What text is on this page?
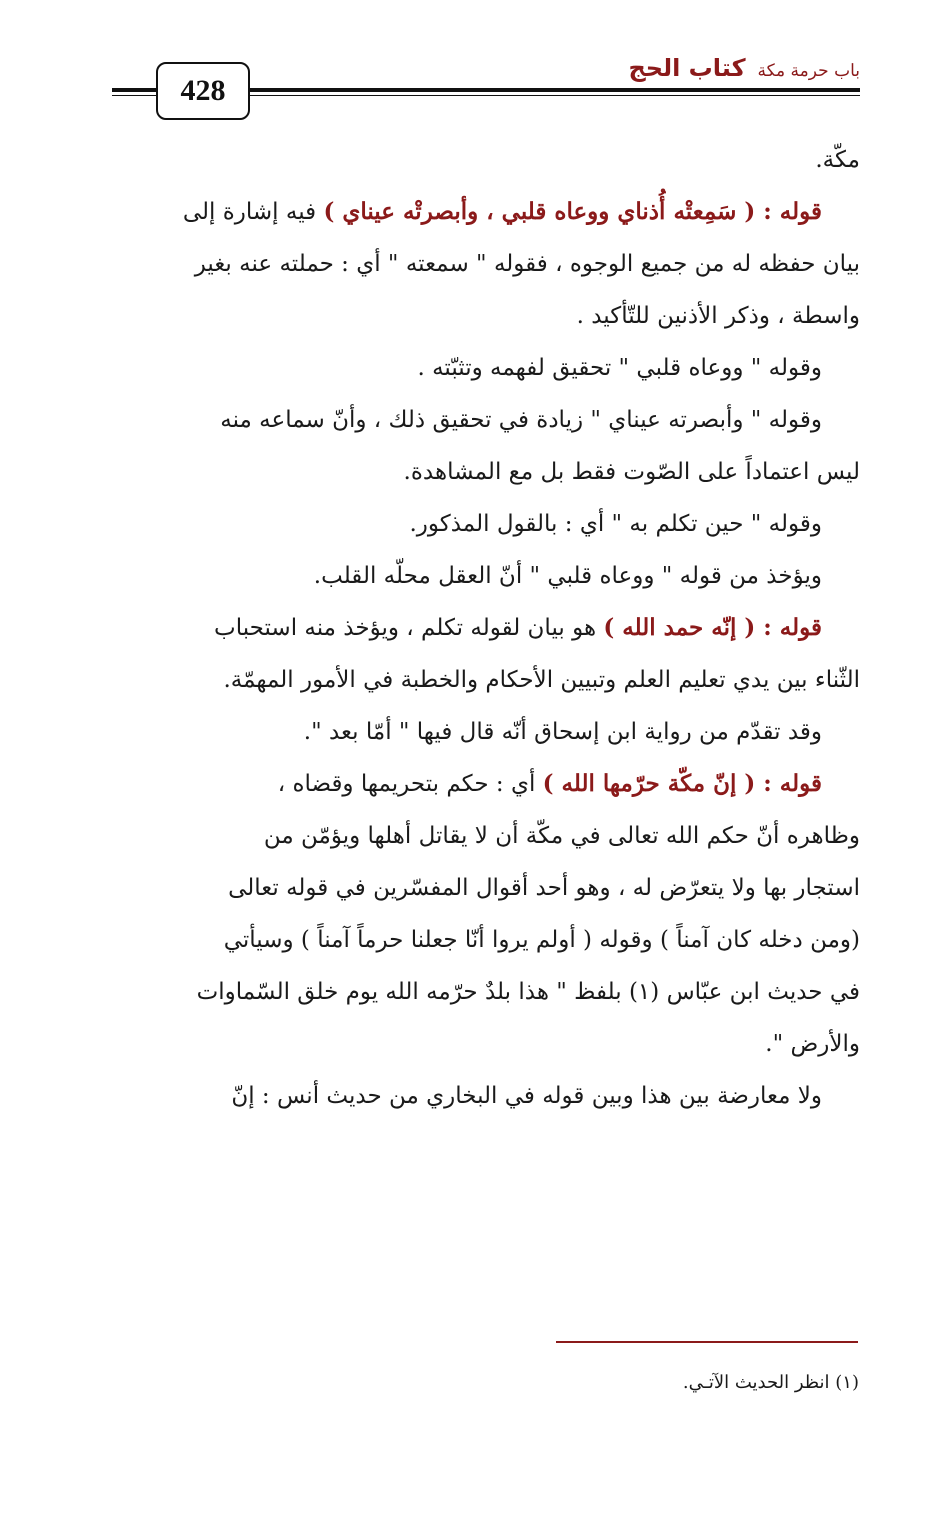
428
كتاب الحج باب حرمة مكة
مكّة.
قوله : ( سَمِعتْه أُذناي ووعاه قلبي ، وأبصرتْه عيناي ) فيه إشارة إلى
بيان حفظه له من جميع الوجوه ، فقوله " سمعته " أي : حملته عنه بغير
واسطة ، وذكر الأذنين للتّأكيد .
وقوله " ووعاه قلبي " تحقيق لفهمه وتثبّته .
وقوله " وأبصرته عيناي " زيادة في تحقيق ذلك ، وأنّ سماعه منه
ليس اعتماداً على الصّوت فقط بل مع المشاهدة.
وقوله " حين تكلم به " أي : بالقول المذكور.
ويؤخذ من قوله " ووعاه قلبي " أنّ العقل محلّه القلب.
قوله : ( إنّه حمد الله ) هو بيان لقوله تكلم ، ويؤخذ منه استحباب
الثّناء بين يدي تعليم العلم وتبيين الأحكام والخطبة في الأمور المهمّة.
وقد تقدّم من رواية ابن إسحاق أنّه قال فيها " أمّا بعد ".
قوله : ( إنّ مكّة حرّمها الله ) أي : حكم بتحريمها وقضاه ،
وظاهره أنّ حكم الله تعالى في مكّة أن لا يقاتل أهلها ويؤمّن من
استجار بها ولا يتعرّض له ، وهو أحد أقوال المفسّرين في قوله تعالى
(ومن دخله كان آمناً ) وقوله ( أولم يروا أنّا جعلنا حرماً آمناً ) وسيأتي
في حديث ابن عبّاس (١) بلفظ " هذا بلدٌ حرّمه الله يوم خلق السّماوات
والأرض ".
ولا معارضة بين هذا وبين قوله في البخاري من حديث أنس : إنّ
(١) انظر الحديث الآتـي.
